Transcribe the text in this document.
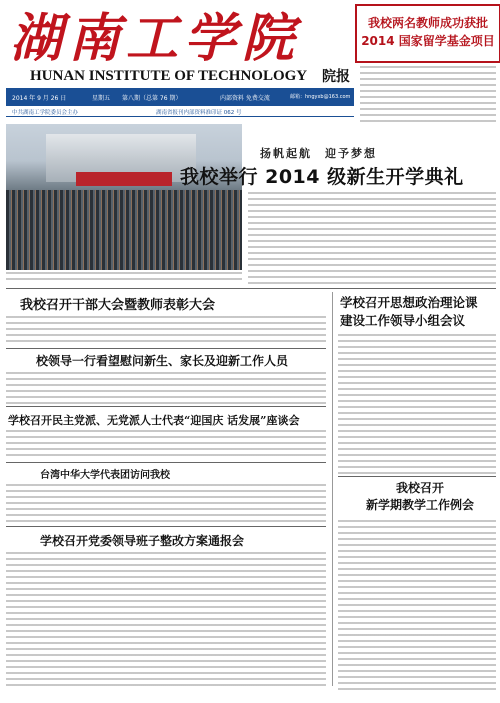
湖南工学院
HUNAN INSTITUTE OF TECHNOLOGY 院报
我校两名教师成功获批
2014 国家留学基金项目
2014 年 9 月 26 日	星期五 第八期（总第 76 期）	内部资料 免费交流	邮箱：hngyxb@163.com
中共湖南工学院委员会主办	湖南省报刊内部资料准印证 062 号
扬帆起航　迎予梦想
我校举行 2014 级新生开学典礼
我校召开干部大会暨教师表彰大会	学校召开思想政治理论课
建设工作领导小组会议
校领导一行看望慰问新生、家长及迎新工作人员
学校召开民主党派、无党派人士代表“迎国庆 话发展”座谈会
我校召开
新学期教学工作例会
台湾中华大学代表团访问我校
学校召开党委领导班子整改方案通报会
